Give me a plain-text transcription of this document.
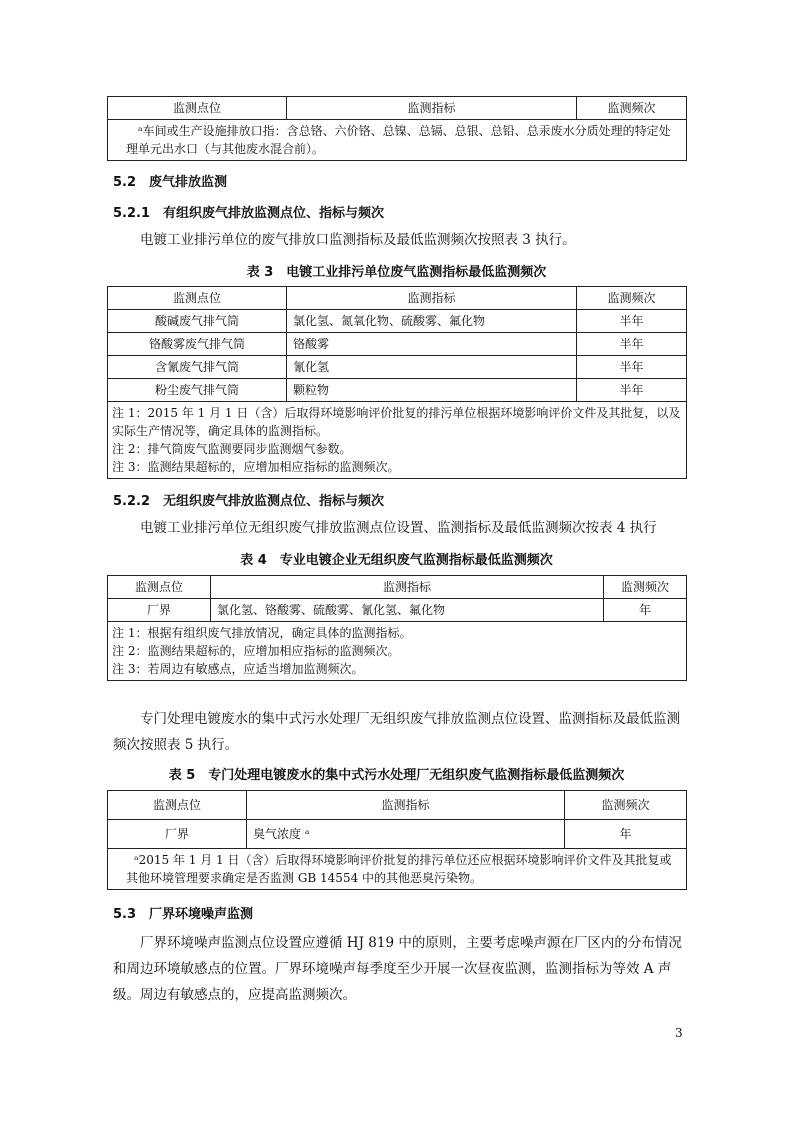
监测点位	监测指标	监测频次
ᵃ车间或生产设施排放口指：含总铬、六价铬、总镍、总镉、总银、总铅、总汞废水分质处理的特定处理单元出水口（与其他废水混合前）。
5.2　废气排放监测
5.2.1　有组织废气排放监测点位、指标与频次
电镀工业排污单位的废气排放口监测指标及最低监测频次按照表 3 执行。
表 3　电镀工业排污单位废气监测指标最低监测频次
监测点位	监测指标	监测频次
酸碱废气排气筒	氯化氢、氮氧化物、硫酸雾、氟化物	半年
铬酸雾废气排气筒	铬酸雾	半年
含氰废气排气筒	氰化氢	半年
粉尘废气排气筒	颗粒物	半年

注 1：2015 年 1 月 1 日（含）后取得环境影响评价批复的排污单位根据环境影响评价文件及其批复，以及实际生产情况等，确定具体的监测指标。
注 2：排气筒废气监测要同步监测烟气参数。
注 3：监测结果超标的，应增加相应指标的监测频次。		
5.2.2　无组织废气排放监测点位、指标与频次
电镀工业排污单位无组织废气排放监测点位设置、监测指标及最低监测频次按表 4 执行
表 4　专业电镀企业无组织废气监测指标最低监测频次
监测点位	监测指标	监测频次
厂界	氯化氢、铬酸雾、硫酸雾、氰化氢、氟化物	年

注 1：根据有组织废气排放情况，确定具体的监测指标。
注 2：监测结果超标的，应增加相应指标的监测频次。
注 3：若周边有敏感点，应适当增加监测频次。		
专门处理电镀废水的集中式污水处理厂无组织废气排放监测点位设置、监测指标及最低监测频次按照表 5 执行。
表 5　专门处理电镀废水的集中式污水处理厂无组织废气监测指标最低监测频次
监测点位	监测指标	监测频次
厂界	臭气浓度 ᵃ	年
ᵃ2015 年 1 月 1 日（含）后取得环境影响评价批复的排污单位还应根据环境影响评价文件及其批复或其他环境管理要求确定是否监测 GB 14554 中的其他恶臭污染物。		
5.3　厂界环境噪声监测
厂界环境噪声监测点位设置应遵循 HJ 819 中的原则，主要考虑噪声源在厂区内的分布情况和周边环境敏感点的位置。厂界环境噪声每季度至少开展一次昼夜监测，监测指标为等效 A 声级。周边有敏感点的，应提高监测频次。
3
